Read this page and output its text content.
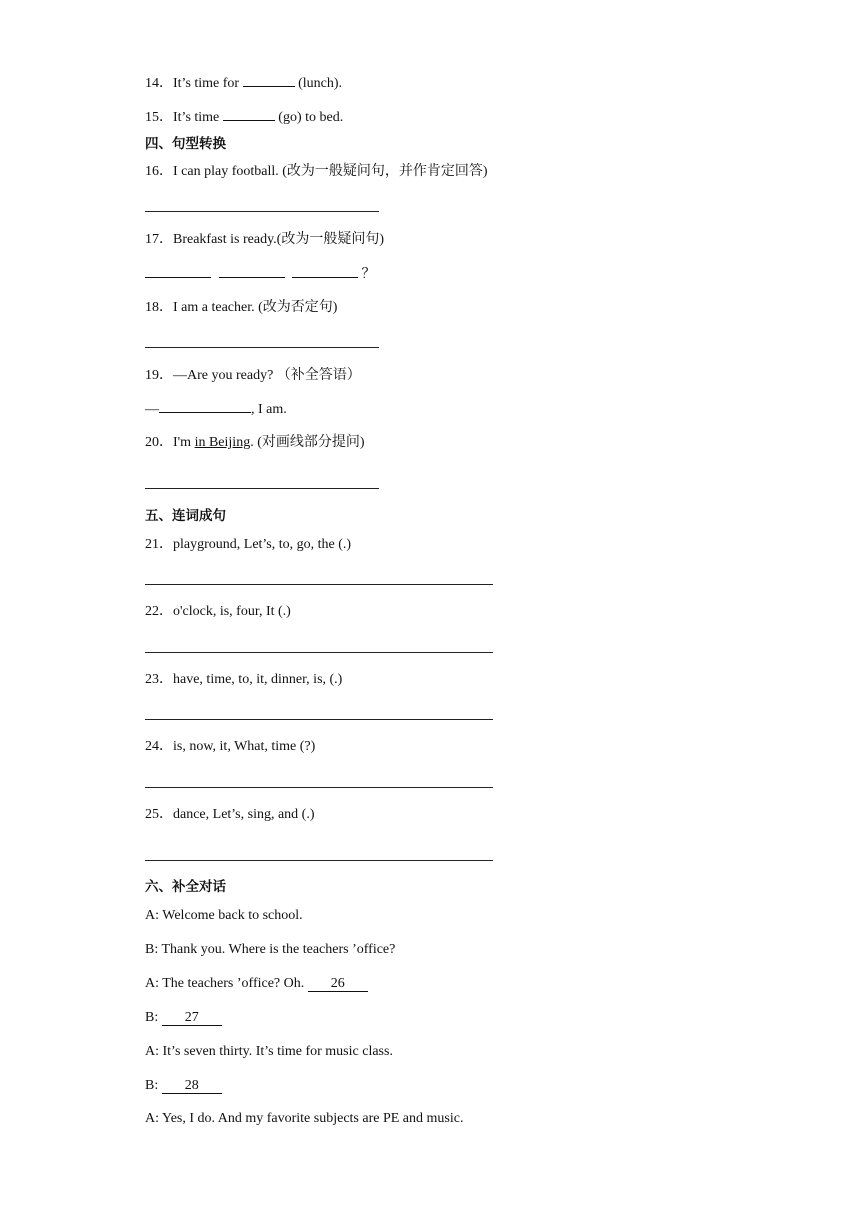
14．It’s time for	(lunch).
15．It’s time	(go) to bed.
四、句型转换
16．I can play football. (改为一般疑问句，并作肯定回答)
17．Breakfast is ready.(改为一般疑问句)
？
18．I am a teacher. (改为否定句)
19．—Are you ready? （补全答语）
—	, I am.
20．I'm in Beijing. (对画线部分提问)
五、连词成句
21．playground, Let’s, to, go, the (.)
22．o'clock, is, four, It (.)
23．have, time, to, it, dinner, is, (.)
24．is, now, it, What, time (?)
25．dance, Let’s, sing, and (.)
六、补全对话
A: Welcome back to school.
B: Thank you. Where is the teachers ’office?
A: The teachers ’office? Oh. 26
B: 27
A: It’s seven thirty. It’s time for music class.
B: 28
A: Yes, I do. And my favorite subjects are PE and music.
